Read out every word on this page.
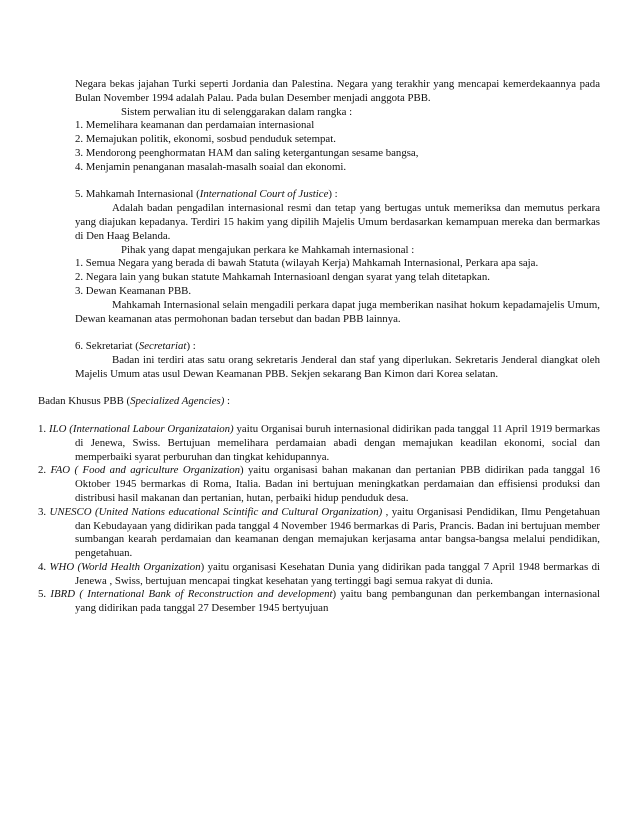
Negara bekas jajahan Turki seperti Jordania dan Palestina. Negara yang terakhir yang mencapai kemerdekaannya pada Bulan November 1994 adalah Palau. Pada bulan Desember menjadi anggota PBB.

Sistem perwalian itu di selenggarakan dalam rangka :

1. Memelihara keamanan dan perdamaian internasional

2. Memajukan politik, ekonomi, sosbud penduduk setempat.

3. Mendorong peenghormatan HAM dan saling ketergantungan sesame bangsa,

4. Menjamin penanganan masalah-masalh soaial dan ekonomi.

5. Mahkamah Internasional (International Court of Justice) :

Adalah badan pengadilan internasional resmi dan tetap yang bertugas untuk memeriksa dan memutus perkara yang diajukan kepadanya. Terdiri 15 hakim yang dipilih Majelis Umum berdasarkan kemampuan mereka dan bermarkas di Den Haag Belanda.

Pihak yang dapat mengajukan perkara ke Mahkamah internasional :

1. Semua Negara yang berada di bawah Statuta (wilayah Kerja) Mahkamah Internasional, Perkara apa saja.

2. Negara lain yang bukan statute Mahkamah Internasioanl dengan syarat yang telah ditetapkan.

3. Dewan Keamanan PBB.

Mahkamah Internasional selain mengadili perkara dapat juga memberikan nasihat hokum kepadamajelis Umum, Dewan keamanan atas permohonan badan tersebut dan badan PBB lainnya.

6. Sekretariat (Secretariat) :

Badan ini terdiri atas satu orang sekretaris Jenderal dan staf yang diperlukan. Sekretaris Jenderal diangkat oleh Majelis Umum atas usul Dewan Keamanan PBB. Sekjen sekarang Ban Kimon dari Korea selatan.

Badan Khusus PBB (Specialized Agencies) :

1. ILO (International Labour Organizataion) yaitu Organisai buruh internasional didirikan pada tanggal 11 April 1919 bermarkas di Jenewa, Swiss. Bertujuan memelihara perdamaian abadi dengan memajukan keadilan ekonomi, social dan memperbaiki syarat perburuhan dan tingkat kehidupannya.

2. FAO ( Food and agriculture Organization) yaitu organisasi bahan makanan dan pertanian PBB didirikan pada tanggal 16 Oktober 1945 bermarkas di Roma, Italia. Badan ini bertujuan meningkatkan perdamaian dan effisiensi produksi dan distribusi hasil makanan dan pertanian, hutan, perbaiki hidup penduduk desa.

3. UNESCO (United Nations educational Scintific and Cultural Organization) , yaitu Organisasi Pendidikan, Ilmu Pengetahuan dan Kebudayaan yang didirikan pada tanggal 4 November 1946 bermarkas di Paris, Prancis. Badan ini bertujuan member sumbangan kearah perdamaian dan keamanan dengan memajukan kerjasama antar bangsa-bangsa melalui pendidikan, pengetahuan.

4. WHO (World Health Organization) yaitu organisasi Kesehatan Dunia yang didirikan pada tanggal 7 April 1948 bermarkas di Jenewa , Swiss, bertujuan mencapai tingkat kesehatan yang tertinggi bagi semua rakyat di dunia.

5. IBRD ( International Bank of Reconstruction and development) yaitu bang pembangunan dan perkembangan internasional yang didirikan pada tanggal 27 Desember 1945 bertyujuan
